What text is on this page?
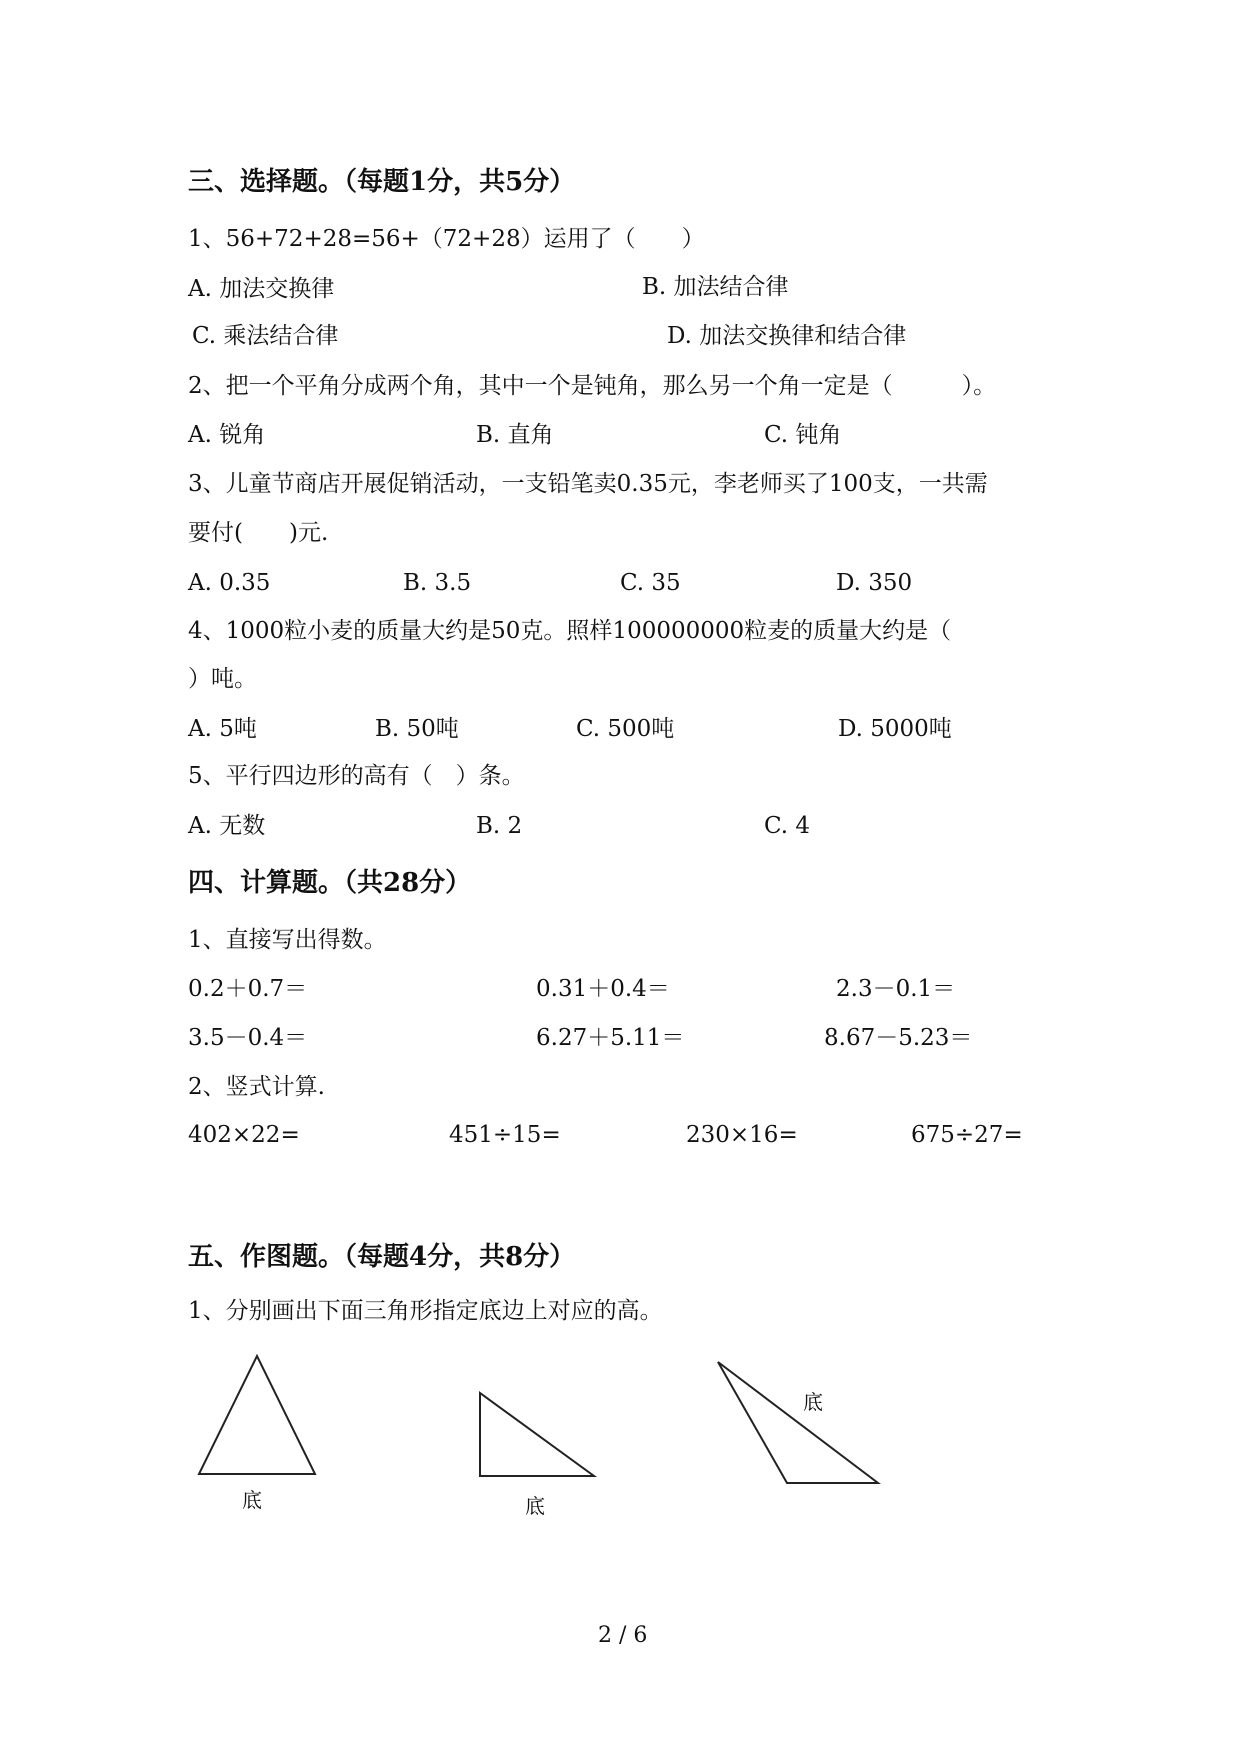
三、选择题。（每题1分，共5分）
1、56+72+28=56+（72+28）运用了（　　）
A. 加法交换律	B. 加法结合律
C. 乘法结合律	D. 加法交换律和结合律
2、把一个平角分成两个角，其中一个是钝角，那么另一个角一定是（　　　）。
A. 锐角	B. 直角	C. 钝角
3、儿童节商店开展促销活动，一支铅笔卖0.35元，李老师买了100支，一共需
要付(　　)元.
A. 0.35	B. 3.5	C. 35	D. 350
4、1000粒小麦的质量大约是50克。照样100000000粒麦的质量大约是（
）吨。
A. 5吨	B. 50吨	C. 500吨	D. 5000吨
5、平行四边形的高有（　）条。
A. 无数	B. 2	C. 4
四、计算题。（共28分）
1、直接写出得数。
0.2＋0.7＝	0.31＋0.4＝	2.3－0.1＝
3.5－0.4＝	6.27＋5.11＝	8.67－5.23＝
2、竖式计算.
402×22=	451÷15=	230×16=	675÷27=
五、作图题。（每题4分，共8分）
1、分别画出下面三角形指定底边上对应的高。
底	底
底
2 / 6
